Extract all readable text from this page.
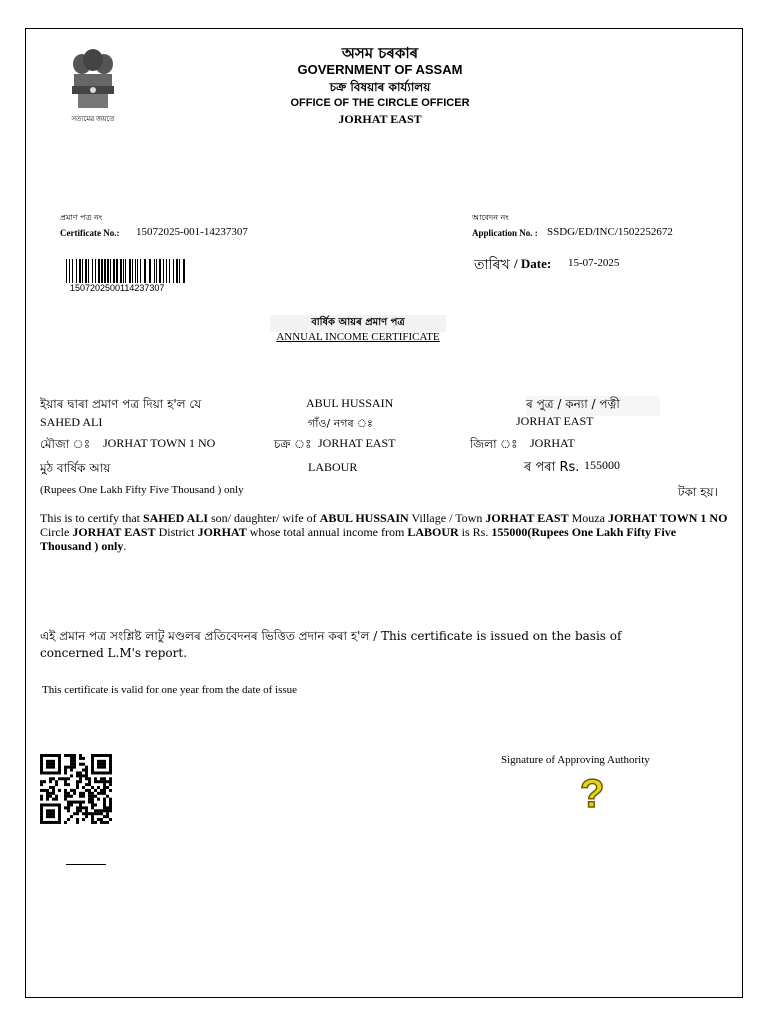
সত্যমেৱ জয়তে
অসম চৰকাৰ
GOVERNMENT OF ASSAM
চক্ৰ বিষয়াৰ কাৰ্য্যালয়
OFFICE OF THE CIRCLE OFFICER
JORHAT EAST
প্ৰমাণ পত্ৰ নং
Certificate No.: 15072025-001-14237307
আবেদন নং
Application No. : SSDG/ED/INC/1502252672
150720250011423730​7
তাৰিখ / Date: 15-07-2025
বাৰ্ষিক আয়ৰ প্ৰমাণ পত্ৰ
ANNUAL INCOME CERTIFICATE
ইয়াৰ দ্বাৰা প্ৰমাণ পত্ৰ দিয়া হ'ল যে	ABUL HUSSAIN	ৰ পুত্ৰ / কন্যা / পত্নী
SAHED ALI	গাঁও/ নগৰ ঃ	JORHAT EAST
মৌজা ঃ JORHAT TOWN 1 NO	চক্ৰ ঃ JORHAT EAST	জিলা ঃ JORHAT
মুঠ বাৰ্ষিক আয়	LABOUR	ৰ পৰা Rs. 155000
(Rupees One Lakh Fifty Five Thousand ) only	টকা হয়।
This is to certify that SAHED ALI son/ daughter/ wife of ABUL HUSSAIN Village / Town JORHAT EAST Mouza JORHAT TOWN 1 NO Circle JORHAT EAST District JORHAT whose total annual income from LABOUR is Rs. 155000(Rupees One Lakh Fifty Five Thousand ) only.
এই প্ৰমান পত্ৰ সংশ্লিষ্ট লাটু মণ্ডলৰ প্ৰতিবেদনৰ ভিত্তিত প্ৰদান কৰা হ'ল / This certificate is issued on the basis of concerned L.M's report.
This certificate is valid for one year from the date of issue
Signature of Approving Authority
?
